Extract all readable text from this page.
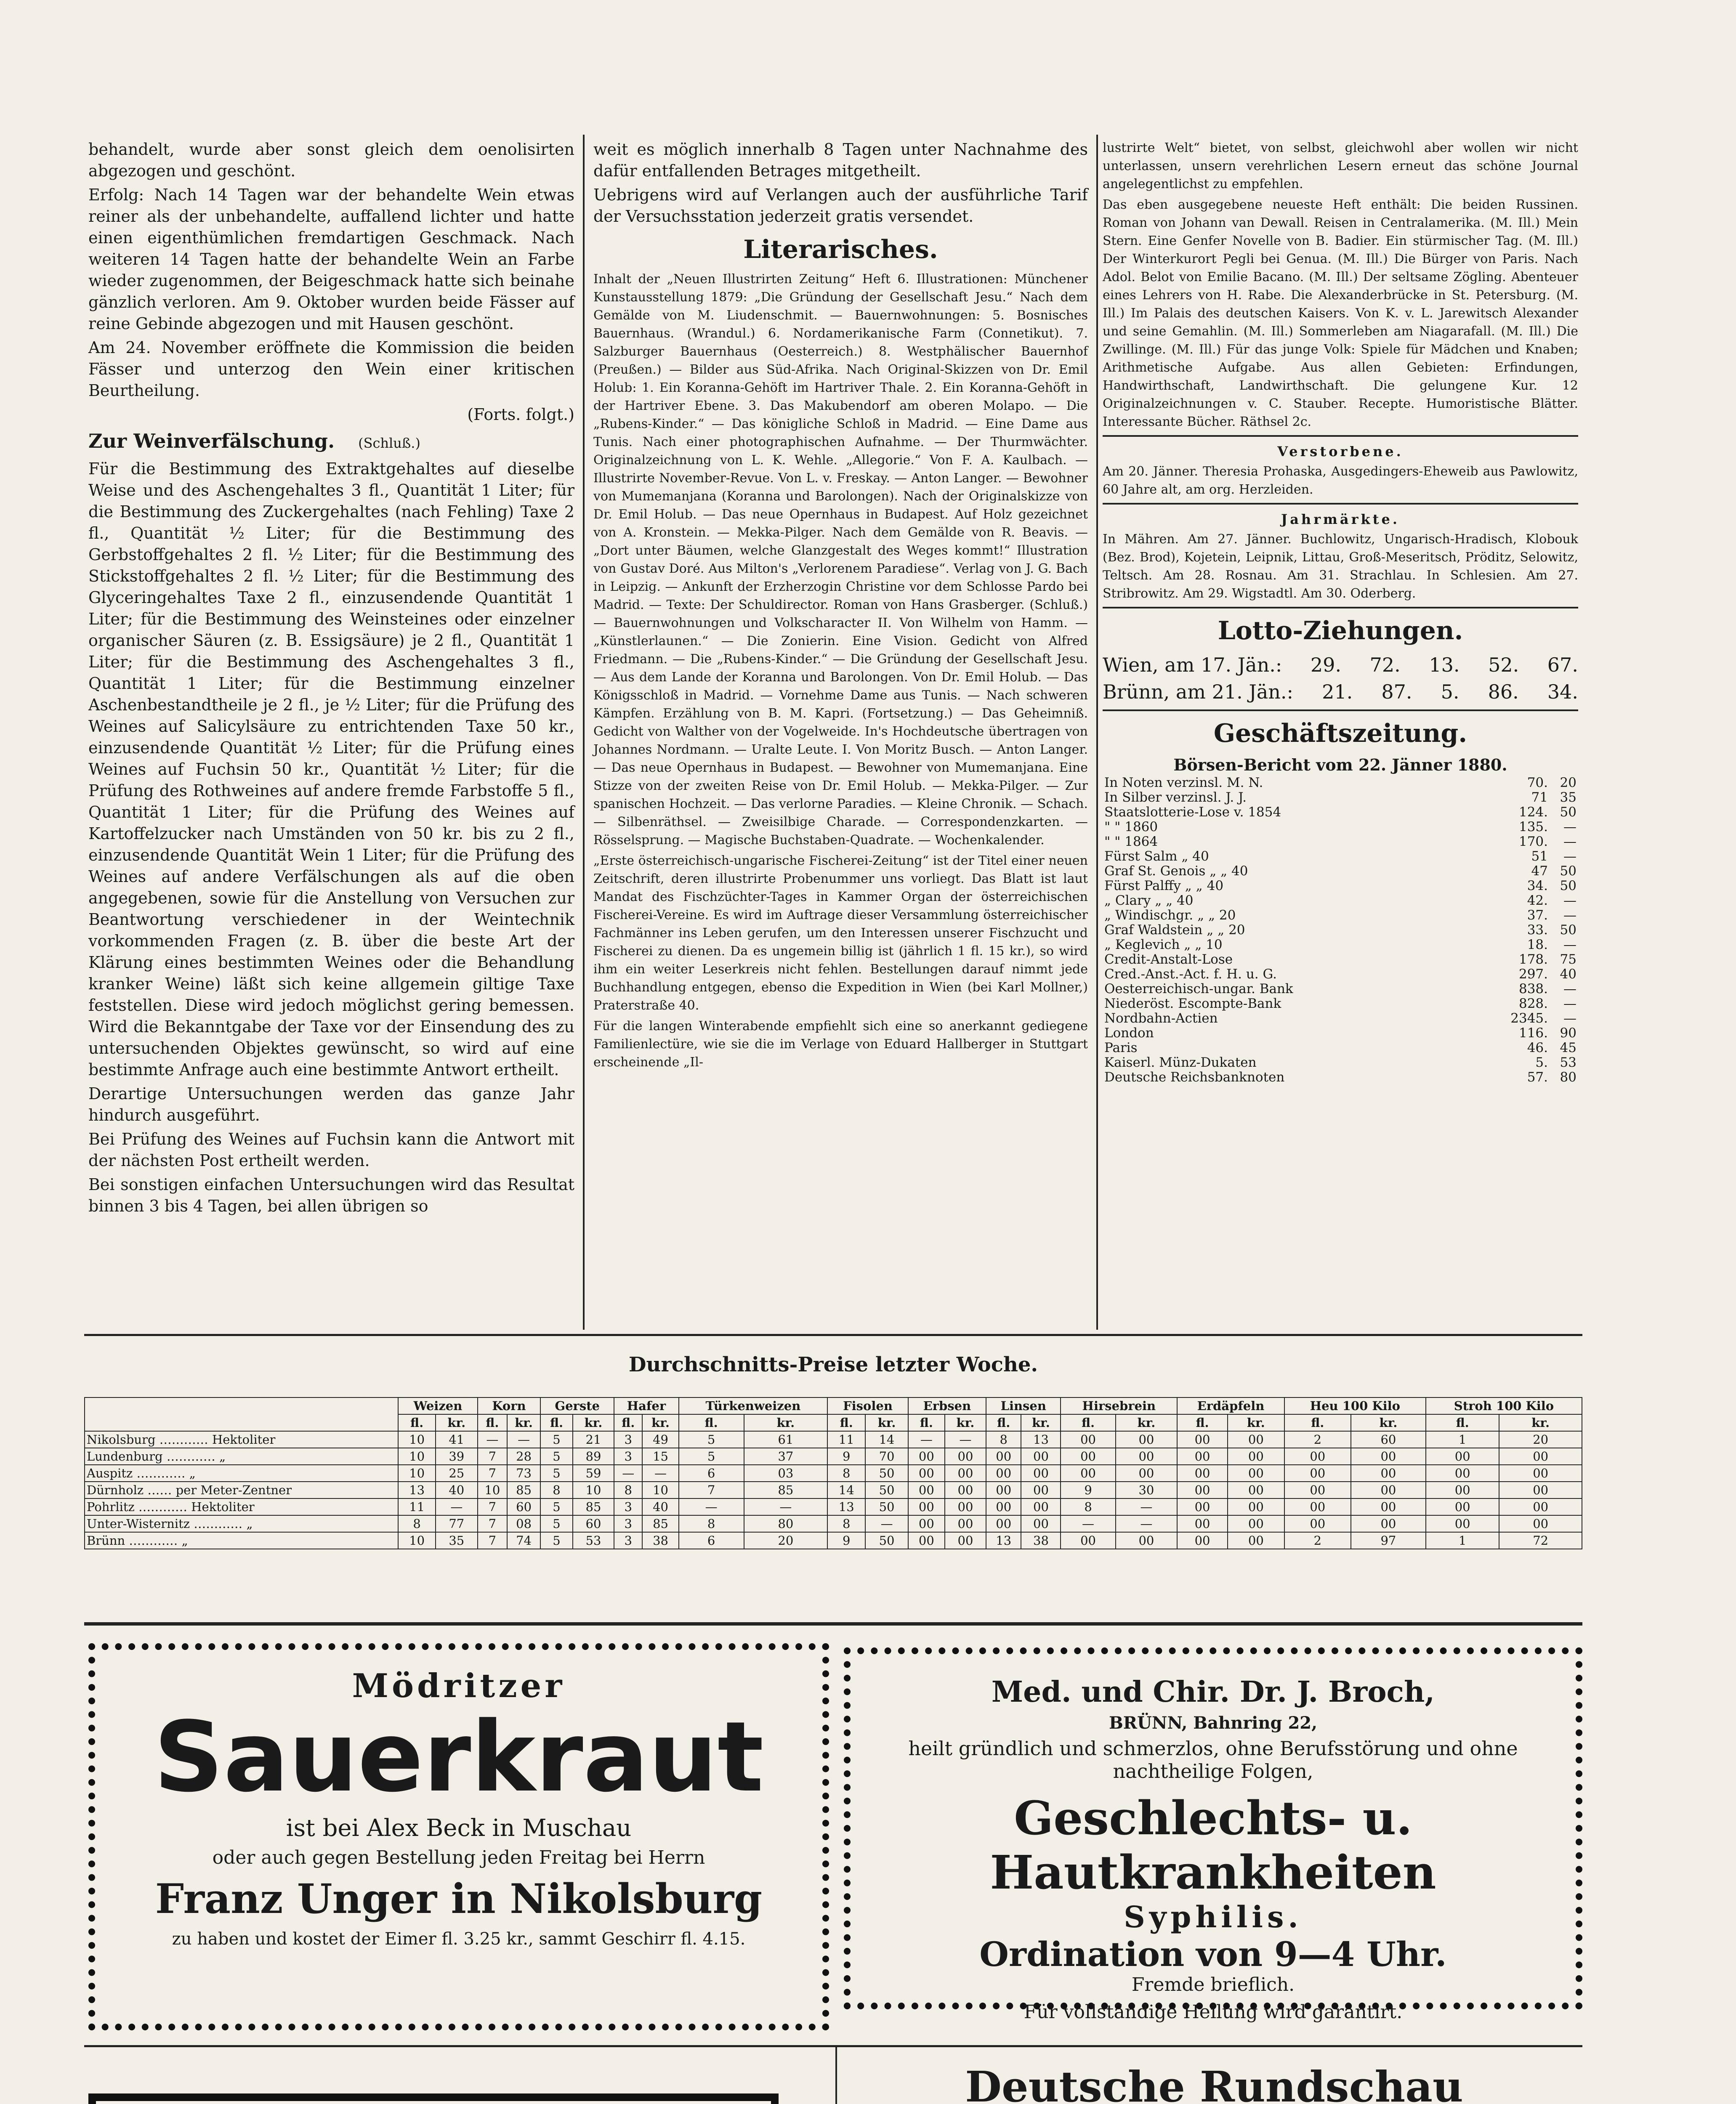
behandelt, wurde aber sonst gleich dem oenolisirten abgezogen und geschönt.

Erfolg: Nach 14 Tagen war der behandelte Wein etwas reiner als der unbehandelte, auffallend lichter und hatte einen eigenthümlichen fremdartigen Geschmack. Nach weiteren 14 Tagen hatte der behandelte Wein an Farbe wieder zugenommen, der Beigeschmack hatte sich beinahe gänzlich verloren. Am 9. Oktober wurden beide Fässer auf reine Gebinde abgezogen und mit Hausen geschönt.

Am 24. November eröffnete die Kommission die beiden Fässer und unterzog den Wein einer kritischen Beurtheilung.

(Forts. folgt.)

Zur Weinverfälschung. (Schluß.)

Für die Bestimmung des Extraktgehaltes auf dieselbe Weise und des Aschengehaltes 3 fl., Quantität 1 Liter; für die Bestimmung des Zuckergehaltes (nach Fehling) Taxe 2 fl., Quantität ½ Liter; für die Bestimmung des Gerbstoffgehaltes 2 fl. ½ Liter; für die Bestimmung des Stickstoffgehaltes 2 fl. ½ Liter; für die Bestimmung des Glyceringehaltes Taxe 2 fl., einzusendende Quantität 1 Liter; für die Bestimmung des Weinsteines oder einzelner organischer Säuren (z. B. Essigsäure) je 2 fl., Quantität 1 Liter; für die Bestimmung des Aschengehaltes 3 fl., Quantität 1 Liter; für die Bestimmung einzelner Aschenbestandtheile je 2 fl., je ½ Liter; für die Prüfung des Weines auf Salicylsäure zu entrichtenden Taxe 50 kr., einzusendende Quantität ½ Liter; für die Prüfung eines Weines auf Fuchsin 50 kr., Quantität ½ Liter; für die Prüfung des Rothweines auf andere fremde Farbstoffe 5 fl., Quantität 1 Liter; für die Prüfung des Weines auf Kartoffelzucker nach Umständen von 50 kr. bis zu 2 fl., einzusendende Quantität Wein 1 Liter; für die Prüfung des Weines auf andere Verfälschungen als auf die oben angegebenen, sowie für die Anstellung von Versuchen zur Beantwortung verschiedener in der Weintechnik vorkommenden Fragen (z. B. über die beste Art der Klärung eines bestimmten Weines oder die Behandlung kranker Weine) läßt sich keine allgemein giltige Taxe feststellen. Diese wird jedoch möglichst gering bemessen. Wird die Bekanntgabe der Taxe vor der Einsendung des zu untersuchenden Objektes gewünscht, so wird auf eine bestimmte Anfrage auch eine bestimmte Antwort ertheilt.

Derartige Untersuchungen werden das ganze Jahr hindurch ausgeführt.

Bei Prüfung des Weines auf Fuchsin kann die Antwort mit der nächsten Post ertheilt werden.

Bei sonstigen einfachen Untersuchungen wird das Resultat binnen 3 bis 4 Tagen, bei allen übrigen so

weit es möglich innerhalb 8 Tagen unter Nachnahme des dafür entfallenden Betrages mitgetheilt.

Uebrigens wird auf Verlangen auch der ausführliche Tarif der Versuchsstation jederzeit gratis versendet.

Literarisches.

Inhalt der „Neuen Illustrirten Zeitung“ Heft 6. Illustrationen: Münchener Kunstausstellung 1879: „Die Gründung der Gesellschaft Jesu.“ Nach dem Gemälde von M. Liudenschmit. — Bauernwohnungen: 5. Bosnisches Bauernhaus. (Wrandul.) 6. Nordamerikanische Farm (Connetikut). 7. Salzburger Bauernhaus (Oesterreich.) 8. Westphälischer Bauernhof (Preußen.) — Bilder aus Süd-Afrika. Nach Original-Skizzen von Dr. Emil Holub: 1. Ein Koranna-Gehöft im Hartriver Thale. 2. Ein Koranna-Gehöft in der Hartriver Ebene. 3. Das Makubendorf am oberen Molapo. — Die „Rubens-Kinder.“ — Das königliche Schloß in Madrid. — Eine Dame aus Tunis. Nach einer photographischen Aufnahme. — Der Thurmwächter. Originalzeichnung von L. K. Wehle. „Allegorie.“ Von F. A. Kaulbach. — Illustrirte November-Revue. Von L. v. Freskay. — Anton Langer. — Bewohner von Mumemanjana (Koranna und Barolongen). Nach der Originalskizze von Dr. Emil Holub. — Das neue Opernhaus in Budapest. Auf Holz gezeichnet von A. Kronstein. — Mekka-Pilger. Nach dem Gemälde von R. Beavis. — „Dort unter Bäumen, welche Glanzgestalt des Weges kommt!“ Illustration von Gustav Doré. Aus Milton's „Verlorenem Paradiese“. Verlag von J. G. Bach in Leipzig. — Ankunft der Erzherzogin Christine vor dem Schlosse Pardo bei Madrid. — Texte: Der Schuldirector. Roman von Hans Grasberger. (Schluß.) — Bauernwohnungen und Volkscharacter II. Von Wilhelm von Hamm. — „Künstlerlaunen.“ — Die Zonierin. Eine Vision. Gedicht von Alfred Friedmann. — Die „Rubens-Kinder.“ — Die Gründung der Gesellschaft Jesu. — Aus dem Lande der Koranna und Barolongen. Von Dr. Emil Holub. — Das Königsschloß in Madrid. — Vornehme Dame aus Tunis. — Nach schweren Kämpfen. Erzählung von B. M. Kapri. (Fortsetzung.) — Das Geheimniß. Gedicht von Walther von der Vogelweide. In's Hochdeutsche übertragen von Johannes Nordmann. — Uralte Leute. I. Von Moritz Busch. — Anton Langer. — Das neue Opernhaus in Budapest. — Bewohner von Mumemanjana. Eine Stizze von der zweiten Reise von Dr. Emil Holub. — Mekka-Pilger. — Zur spanischen Hochzeit. — Das verlorne Paradies. — Kleine Chronik. — Schach. — Silbenräthsel. — Zweisilbige Charade. — Correspondenzkarten. — Rösselsprung. — Magische Buchstaben-Quadrate. — Wochenkalender.

„Erste österreichisch-ungarische Fischerei-Zeitung“ ist der Titel einer neuen Zeitschrift, deren illustrirte Probenummer uns vorliegt. Das Blatt ist laut Mandat des Fischzüchter-Tages in Kammer Organ der österreichischen Fischerei-Vereine. Es wird im Auftrage dieser Versammlung österreichischer Fachmänner ins Leben gerufen, um den Interessen unserer Fischzucht und Fischerei zu dienen. Da es ungemein billig ist (jährlich 1 fl. 15 kr.), so wird ihm ein weiter Leserkreis nicht fehlen. Bestellungen darauf nimmt jede Buchhandlung entgegen, ebenso die Expedition in Wien (bei Karl Mollner,) Praterstraße 40.

Für die langen Winterabende empfiehlt sich eine so anerkannt gediegene Familienlectüre, wie sie die im Verlage von Eduard Hallberger in Stuttgart erscheinende „Il-

lustrirte Welt“ bietet, von selbst, gleichwohl aber wollen wir nicht unterlassen, unsern verehrlichen Lesern erneut das schöne Journal angelegentlichst zu empfehlen.

Das eben ausgegebene neueste Heft enthält: Die beiden Russinen. Roman von Johann van Dewall. Reisen in Centralamerika. (M. Ill.) Mein Stern. Eine Genfer Novelle von B. Badier. Ein stürmischer Tag. (M. Ill.) Der Winterkurort Pegli bei Genua. (M. Ill.) Die Bürger von Paris. Nach Adol. Belot von Emilie Bacano. (M. Ill.) Der seltsame Zögling. Abenteuer eines Lehrers von H. Rabe. Die Alexanderbrücke in St. Petersburg. (M. Ill.) Im Palais des deutschen Kaisers. Von K. v. L. Jarewitsch Alexander und seine Gemahlin. (M. Ill.) Sommerleben am Niagarafall. (M. Ill.) Die Zwillinge. (M. Ill.) Für das junge Volk: Spiele für Mädchen und Knaben; Arithmetische Aufgabe. Aus allen Gebieten: Erfindungen, Handwirthschaft, Landwirthschaft. Die gelungene Kur. 12 Originalzeichnungen v. C. Stauber. Recepte. Humoristische Blätter. Interessante Bücher. Räthsel 2c.

Verstorbene.

Am 20. Jänner. Theresia Prohaska, Ausgedingers-Eheweib aus Pawlowitz, 60 Jahre alt, am org. Herzleiden.

Jahrmärkte.

In Mähren. Am 27. Jänner. Buchlowitz, Ungarisch-Hradisch, Klobouk (Bez. Brod), Kojetein, Leipnik, Littau, Groß-Meseritsch, Pröditz, Selowitz, Teltsch. Am 28. Rosnau. Am 31. Strachlau. In Schlesien. Am 27. Stribrowitz. Am 29. Wigstadtl. Am 30. Oderberg.

Lotto-Ziehungen.
Wien, am 17. Jän.: 29. 72. 13. 52. 67.
Brünn, am 21. Jän.: 21. 87. 5. 86. 34.
Geschäftszeitung.
Börsen-Bericht vom 22. Jänner 1880.
In Noten verzinsl. M. N.	70.	20
In Silber verzinsl. J. J.	71	35
Staatslotterie-Lose v. 1854	124.	50
" " 1860	135.	—
" " 1864	170.	—
Fürst Salm „ 40	51	—
Graf St. Genois „ „ 40	47	50
Fürst Palffy „ „ 40	34.	50
„ Clary „ „ 40	42.	—
„ Windischgr. „ „ 20	37.	—
Graf Waldstein „ „ 20	33.	50
„ Keglevich „ „ 10	18.	—
Credit-Anstalt-Lose	178.	75
Cred.-Anst.-Act. f. H. u. G.	297.	40
Oesterreichisch-ungar. Bank	838.	—
Niederöst. Escompte-Bank	828.	—
Nordbahn-Actien	2345.	—
London	116.	90
Paris	46.	45
Kaiserl. Münz-Dukaten	5.	53
Deutsche Reichsbanknoten	57.	80
Durchschnitts-Preise letzter Woche.
	Weizen		Korn		Gerste		Hafer		Türkenweizen		Fisolen		Erbsen		Linsen		Hirsebrein		Erdäpfeln		Heu 100 Kilo		Stroh 100 Kilo	
	fl.	kr.	fl.	kr.	fl.	kr.	fl.	kr.	fl.	kr.	fl.	kr.	fl.	kr.	fl.	kr.	fl.	kr.	fl.	kr.	fl.	kr.	fl.	kr.
Nikolsburg ………… Hektoliter	10	41	—	—	5	21	3	49	5	61	11	14	—	—	8	13	00	00	00	00	2	60	1	20
Lundenburg ………… „	10	39	7	28	5	89	3	15	5	37	9	70	00	00	00	00	00	00	00	00	00	00	00	00
Auspitz ………… „	10	25	7	73	5	59	—	—	6	03	8	50	00	00	00	00	00	00	00	00	00	00	00	00
Dürnholz …… per Meter-Zentner	13	40	10	85	8	10	8	10	7	85	14	50	00	00	00	00	9	30	00	00	00	00	00	00
Pohrlitz ………… Hektoliter	11	—	7	60	5	85	3	40	—	—	13	50	00	00	00	00	8	—	00	00	00	00	00	00
Unter-Wisternitz ………… „	8	77	7	08	5	60	3	85	8	80	8	—	00	00	00	00	—	—	00	00	00	00	00	00
Brünn ………… „	10	35	7	74	5	53	3	38	6	20	9	50	00	00	13	38	00	00	00	00	2	97	1	72
Mödritzer
Sauerkraut
ist bei Alex Beck in Muschau
oder auch gegen Bestellung jeden Freitag bei Herrn
Franz Unger in Nikolsburg
zu haben und kostet der Eimer fl. 3.25 kr., sammt Geschirr fl. 4.15.
Med. und Chir. Dr. J. Broch,
BRÜNN, Bahnring 22,
heilt gründlich und schmerzlos, ohne Berufsstörung und ohne nachtheilige Folgen,
Geschlechts- u. Hautkrankheiten
Syphilis.
Ordination von 9—4 Uhr.
Fremde brieflich.
Für vollständige Heilung wird garantirt.
Deutsche Rundschau
